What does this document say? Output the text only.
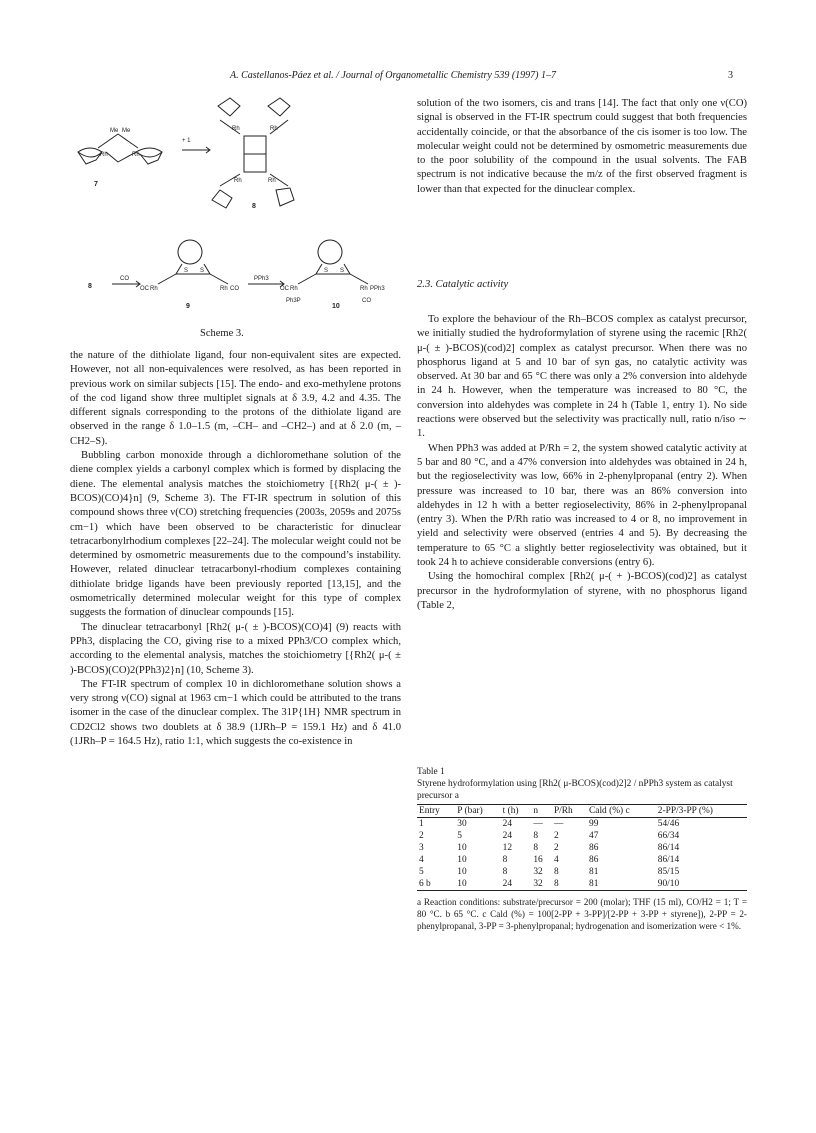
A. Castellanos-Páez et al. / Journal of Organometallic Chemistry 539 (1997) 1–7	3
Me Me
Rh	Rh
7
+ 1
Rh	Rh
Rh	Rh
8
8
CO
S S
OC Rh	Rh CO
9
PPh3
S S
OC Rh	Rh PPh3
Ph3P	CO
10
Scheme 3.

the nature of the dithiolate ligand, four non-equivalent sites are expected. However, not all non-equivalences were resolved, as has been reported in previous work on similar subjects [15]. The endo- and exo-methylene protons of the cod ligand show three multiplet signals at δ 3.9, 4.2 and 4.35. The different signals corresponding to the protons of the dithiolate ligand are observed in the range δ 1.0–1.5 (m, –CH– and –CH2–) and at δ 2.0 (m, –CH2–S).

Bubbling carbon monoxide through a dichloromethane solution of the diene complex yields a carbonyl complex which is formed by displacing the diene. The elemental analysis matches the stoichiometry [{Rh2( μ-( ± )-BCOS)(CO)4}n] (9, Scheme 3). The FT-IR spectrum in solution of this compound shows three ν(CO) stretching frequencies (2003s, 2059s and 2075s cm−1) which have been observed to be characteristic for dinuclear tetracarbonylrhodium complexes [22–24]. The molecular weight could not be determined by osmometric measurements due to the compound’s instability. However, related dinuclear tetracarbonyl-rhodium complexes containing dithiolate bridge ligands have been previously reported [13,15], and the osmometrically determined molecular weight for this type of complex suggests the formation of dinuclear compounds [15].

The dinuclear tetracarbonyl [Rh2( μ-( ± )-BCOS)(CO)4] (9) reacts with PPh3, displacing the CO, giving rise to a mixed PPh3/CO complex which, according to the elemental analysis, matches the stoichiometry [{Rh2( μ-( ± )-BCOS)(CO)2(PPh3)2}n] (10, Scheme 3).

The FT-IR spectrum of complex 10 in dichloromethane solution shows a very strong ν(CO) signal at 1963 cm−1 which could be attributed to the trans isomer in the case of the dinuclear complex. The 31P{1H} NMR spectrum in CD2Cl2 shows two doublets at δ 38.9 (1JRh–P = 159.1 Hz) and δ 41.0 (1JRh–P = 164.5 Hz), ratio 1:1, which suggests the co-existence in

solution of the two isomers, cis and trans [14]. The fact that only one ν(CO) signal is observed in the FT-IR spectrum could suggest that both frequencies accidentally coincide, or that the absorbance of the cis isomer is too low. The molecular weight could not be determined by osmometric measurements due to the poor solubility of the compound in the usual solvents. The FAB spectrum is not indicative because the m/z of the first observed fragment is lower than that expected for the dinuclear complex.

2.3. Catalytic activity

To explore the behaviour of the Rh–BCOS complex as catalyst precursor, we initially studied the hydroformylation of styrene using the racemic [Rh2( μ-( ± )-BCOS)(cod)2] complex as catalyst precursor. When there was no phosphorus ligand at 5 and 10 bar of syn gas, no catalytic activity was observed. At 30 bar and 65 °C there was only a 2% conversion into aldehyde in 24 h. However, when the temperature was increased to 80 °C, the conversion into aldehydes was complete in 24 h (Table 1, entry 1). No side reactions were observed but the selectivity was practically null, ratio n/iso ∼ 1.

When PPh3 was added at P/Rh = 2, the system showed catalytic activity at 5 bar and 80 °C, and a 47% conversion into aldehydes was obtained in 24 h, but the regioselectivity was low, 66% in 2-phenylpropanal (entry 2). When pressure was increased to 10 bar, there was an 86% conversion into aldehydes in 12 h with a better regioselectivity, 86% in 2-phenylpropanal (entry 3). When the P/Rh ratio was increased to 4 or 8, no improvement in yield and selectivity were observed (entries 4 and 5). By decreasing the temperature to 65 °C a slightly better regioselectivity was obtained, but it took 24 h to achieve considerable conversions (entry 6).

Using the homochiral complex [Rh2( μ-( + )-BCOS)(cod)2] as catalyst precursor in the hydroformylation of styrene, with no phosphorus ligand (Table 2,

Table 1
Styrene hydroformylation using [Rh2( μ-BCOS)(cod)2]2 / nPPh3 system as catalyst precursor a
Entry	P (bar)	t (h)	n	P/Rh	Cald (%) c	2-PP/3-PP (%)
1	30	24	—	—	99	54/46
2	5	24	8	2	47	66/34
3	10	12	8	2	86	86/14
4	10	8	16	4	86	86/14
5	10	8	32	8	81	85/15
6 b	10	24	32	8	81	90/10
a Reaction conditions: substrate/precursor = 200 (molar); THF (15 ml), CO/H2 = 1; T = 80 °C. b 65 °C. c Cald (%) = 100[2-PP + 3-PP]/[2-PP + 3-PP + styrene]), 2-PP = 2-phenylpropanal, 3-PP = 3-phenylpropanal; hydrogenation and isomerization were < 1%.
